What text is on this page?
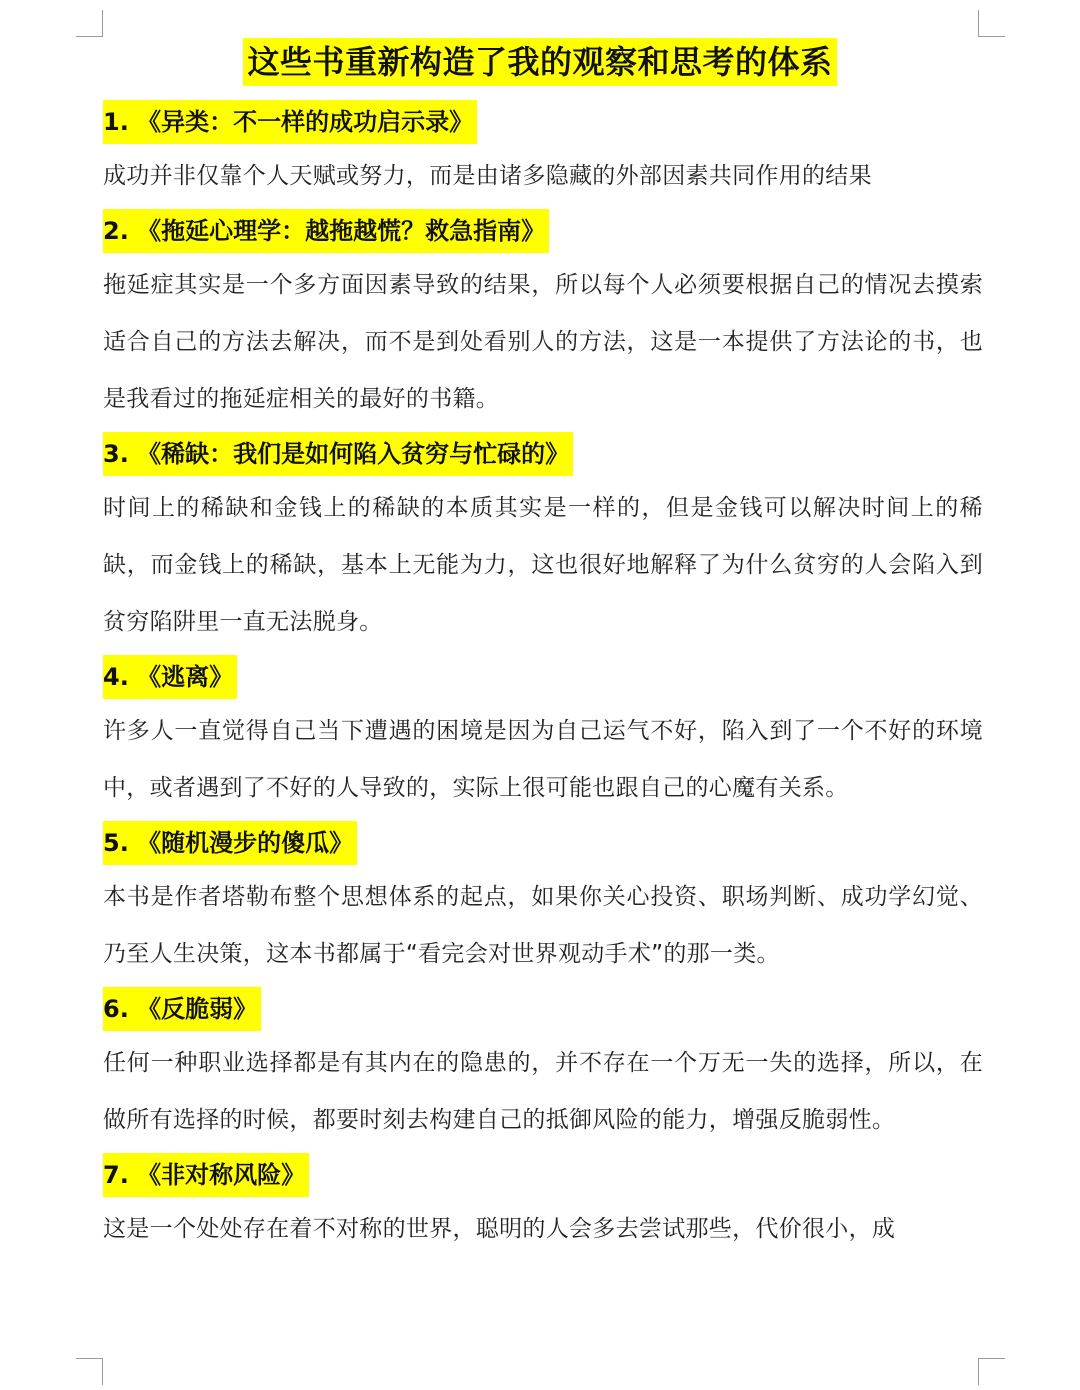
这些书重新构造了我的观察和思考的体系
1. 《异类：不一样的成功启示录》

成功并非仅靠个人天赋或努力，而是由诸多隐藏的外部因素共同作用的结果

2. 《拖延心理学：越拖越慌？救急指南》

拖延症其实是一个多方面因素导致的结果，所以每个人必须要根据自己的情况去摸索适合自己的方法去解决，而不是到处看别人的方法，这是一本提供了方法论的书，也是我看过的拖延症相关的最好的书籍。

3. 《稀缺：我们是如何陷入贫穷与忙碌的》

时间上的稀缺和金钱上的稀缺的本质其实是一样的，但是金钱可以解决时间上的稀缺，而金钱上的稀缺，基本上无能为力，这也很好地解释了为什么贫穷的人会陷入到贫穷陷阱里一直无法脱身。

4. 《逃离》

许多人一直觉得自己当下遭遇的困境是因为自己运气不好，陷入到了一个不好的环境中，或者遇到了不好的人导致的，实际上很可能也跟自己的心魔有关系。

5. 《随机漫步的傻瓜》

本书是作者塔勒布整个思想体系的起点，如果你关心投资、职场判断、成功学幻觉、乃至人生决策，这本书都属于“看完会对世界观动手术”的那一类。

6. 《反脆弱》

任何一种职业选择都是有其内在的隐患的，并不存在一个万无一失的选择，所以，在做所有选择的时候，都要时刻去构建自己的抵御风险的能力，增强反脆弱性。

7. 《非对称风险》

这是一个处处存在着不对称的世界，聪明的人会多去尝试那些，代价很小，成
